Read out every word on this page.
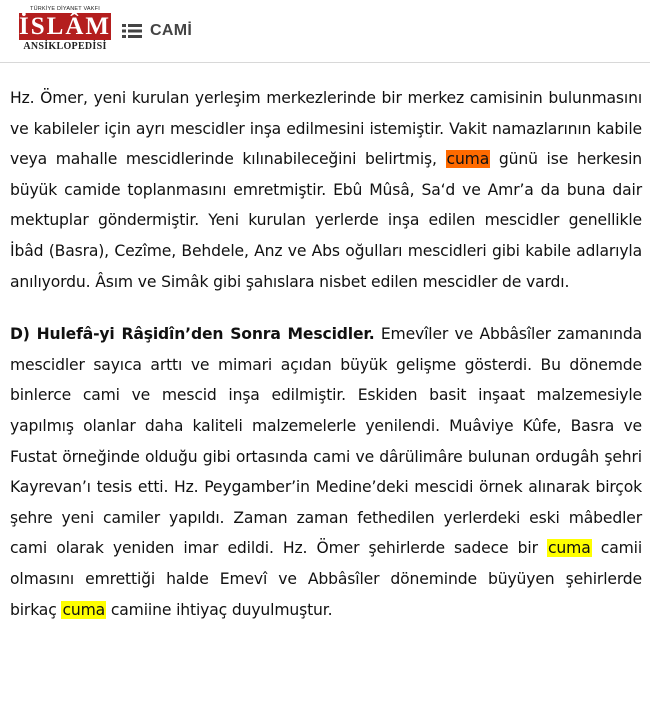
TÜRKİYE DİYANET VAKFI
İSLÂM
ANSİKLOPEDİSİ
CAMİ

Hz. Ömer, yeni kurulan yerleşim merkezlerinde bir merkez camisinin bulunmasını ve kabileler için ayrı mescidler inşa edilmesini istemiştir. Vakit namazlarının kabile veya mahalle mescidlerinde kılınabileceğini belirtmiş, cuma günü ise herkesin büyük camide toplanmasını emretmiştir. Ebû Mûsâ, Sa‘d ve Amr’a da buna dair mektuplar göndermiştir. Yeni kurulan yerlerde inşa edilen mescidler genellikle İbâd (Basra), Cezîme, Behdele, Anz ve Abs oğulları mescidleri gibi kabile adlarıyla anılıyordu. Âsım ve Simâk gibi şahıslara nisbet edilen mescidler de vardı.

D) Hulefâ-yi Râşidîn’den Sonra Mescidler. Emevîler ve Abbâsîler zamanında mescidler sayıca arttı ve mimari açıdan büyük gelişme gösterdi. Bu dönemde binlerce cami ve mescid inşa edilmiştir. Eskiden basit inşaat malzemesiyle yapılmış olanlar daha kaliteli malzemelerle yenilendi. Muâviye Kûfe, Basra ve Fustat örneğinde olduğu gibi ortasında cami ve dârülimâre bulunan ordugâh şehri Kayrevan’ı tesis etti. Hz. Peygamber’in Medine’deki mescidi örnek alınarak birçok şehre yeni camiler yapıldı. Zaman zaman fethedilen yerlerdeki eski mâbedler cami olarak yeniden imar edildi. Hz. Ömer şehirlerde sadece bir cuma camii olmasını emrettiği halde Emevî ve Abbâsîler döneminde büyüyen şehirlerde birkaç cuma camiine ihtiyaç duyulmuştur.
